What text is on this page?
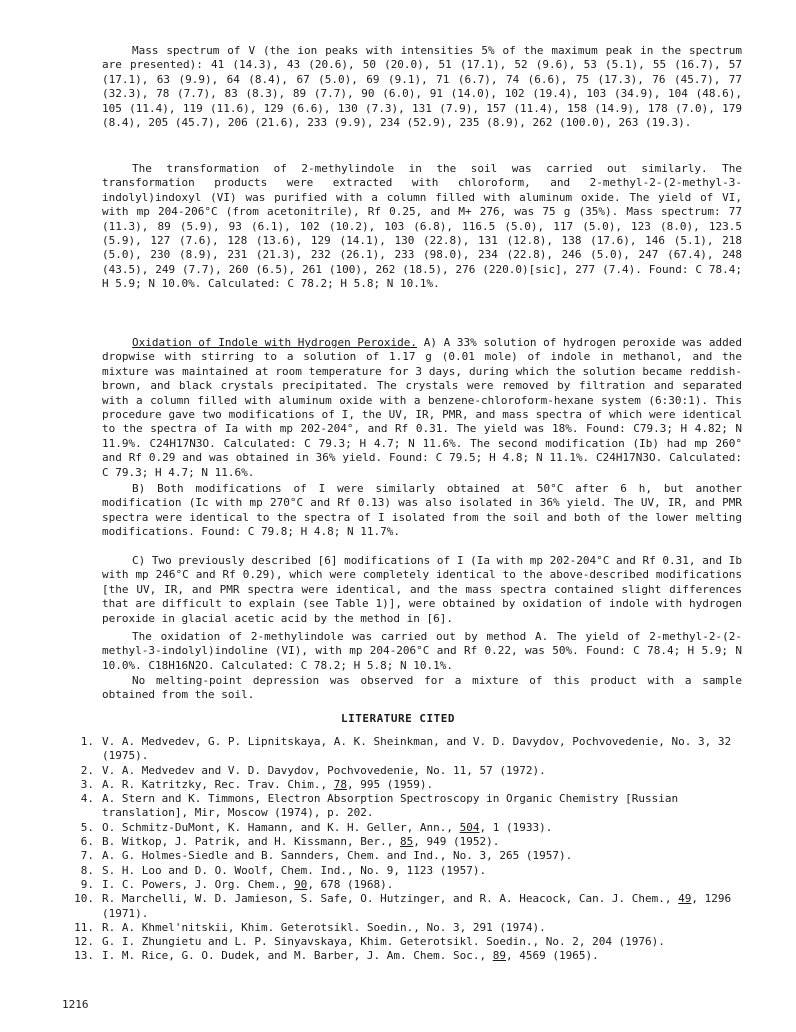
Mass spectrum of V (the ion peaks with intensities 5% of the maximum peak in the spectrum are presented): 41 (14.3), 43 (20.6), 50 (20.0), 51 (17.1), 52 (9.6), 53 (5.1), 55 (16.7), 57 (17.1), 63 (9.9), 64 (8.4), 67 (5.0), 69 (9.1), 71 (6.7), 74 (6.6), 75 (17.3), 76 (45.7), 77 (32.3), 78 (7.7), 83 (8.3), 89 (7.7), 90 (6.0), 91 (14.0), 102 (19.4), 103 (34.9), 104 (48.6), 105 (11.4), 119 (11.6), 129 (6.6), 130 (7.3), 131 (7.9), 157 (11.4), 158 (14.9), 178 (7.0), 179 (8.4), 205 (45.7), 206 (21.6), 233 (9.9), 234 (52.9), 235 (8.9), 262 (100.0), 263 (19.3).

The transformation of 2-methylindole in the soil was carried out similarly. The transformation products were extracted with chloroform, and 2-methyl-2-(2-methyl-3-indolyl)indoxyl (VI) was purified with a column filled with aluminum oxide. The yield of VI, with mp 204-206°C (from acetonitrile), Rf 0.25, and M+ 276, was 75 g (35%). Mass spectrum: 77 (11.3), 89 (5.9), 93 (6.1), 102 (10.2), 103 (6.8), 116.5 (5.0), 117 (5.0), 123 (8.0), 123.5 (5.9), 127 (7.6), 128 (13.6), 129 (14.1), 130 (22.8), 131 (12.8), 138 (17.6), 146 (5.1), 218 (5.0), 230 (8.9), 231 (21.3), 232 (26.1), 233 (98.0), 234 (22.8), 246 (5.0), 247 (67.4), 248 (43.5), 249 (7.7), 260 (6.5), 261 (100), 262 (18.5), 276 (220.0)[sic], 277 (7.4). Found: C 78.4; H 5.9; N 10.0%. Calculated: C 78.2; H 5.8; N 10.1%.

Oxidation of Indole with Hydrogen Peroxide. A) A 33% solution of hydrogen peroxide was added dropwise with stirring to a solution of 1.17 g (0.01 mole) of indole in methanol, and the mixture was maintained at room temperature for 3 days, during which the solution became reddish-brown, and black crystals precipitated. The crystals were removed by filtration and separated with a column filled with aluminum oxide with a benzene-chloroform-hexane system (6:30:1). This procedure gave two modifications of I, the UV, IR, PMR, and mass spectra of which were identical to the spectra of Ia with mp 202-204°, and Rf 0.31. The yield was 18%. Found: C79.3; H 4.82; N 11.9%. C24H17N3O. Calculated: C 79.3; H 4.7; N 11.6%. The second modification (Ib) had mp 260° and Rf 0.29 and was obtained in 36% yield. Found: C 79.5; H 4.8; N 11.1%. C24H17N3O. Calculated: C 79.3; H 4.7; N 11.6%.

B) Both modifications of I were similarly obtained at 50°C after 6 h, but another modification (Ic with mp 270°C and Rf 0.13) was also isolated in 36% yield. The UV, IR, and PMR spectra were identical to the spectra of I isolated from the soil and both of the lower melting modifications. Found: C 79.8; H 4.8; N 11.7%.

C) Two previously described [6] modifications of I (Ia with mp 202-204°C and Rf 0.31, and Ib with mp 246°C and Rf 0.29), which were completely identical to the above-described modifications [the UV, IR, and PMR spectra were identical, and the mass spectra contained slight differences that are difficult to explain (see Table 1)], were obtained by oxidation of indole with hydrogen peroxide in glacial acetic acid by the method in [6].

The oxidation of 2-methylindole was carried out by method A. The yield of 2-methyl-2-(2-methyl-3-indolyl)indoline (VI), with mp 204-206°C and Rf 0.22, was 50%. Found: C 78.4; H 5.9; N 10.0%. C18H16N2O. Calculated: C 78.2; H 5.8; N 10.1%.

No melting-point depression was observed for a mixture of this product with a sample obtained from the soil.

LITERATURE CITED
1. V. A. Medvedev, G. P. Lipnitskaya, A. K. Sheinkman, and V. D. Davydov, Pochvovedenie, No. 3, 32 (1975).
2. V. A. Medvedev and V. D. Davydov, Pochvovedenie, No. 11, 57 (1972).
3. A. R. Katritzky, Rec. Trav. Chim., 78, 995 (1959).
4. A. Stern and K. Timmons, Electron Absorption Spectroscopy in Organic Chemistry [Russian translation], Mir, Moscow (1974), p. 202.
5. O. Schmitz-DuMont, K. Hamann, and K. H. Geller, Ann., 504, 1 (1933).
6. B. Witkop, J. Patrik, and H. Kissmann, Ber., 85, 949 (1952).
7. A. G. Holmes-Siedle and B. Sannders, Chem. and Ind., No. 3, 265 (1957).
8. S. H. Loo and D. O. Woolf, Chem. Ind., No. 9, 1123 (1957).
9. I. C. Powers, J. Org. Chem., 90, 678 (1968).
10. R. Marchelli, W. D. Jamieson, S. Safe, O. Hutzinger, and R. A. Heacock, Can. J. Chem., 49, 1296 (1971).
11. R. A. Khmel'nitskii, Khim. Geterotsikl. Soedin., No. 3, 291 (1974).
12. G. I. Zhungietu and L. P. Sinyavskaya, Khim. Geterotsikl. Soedin., No. 2, 204 (1976).
13. I. M. Rice, G. O. Dudek, and M. Barber, J. Am. Chem. Soc., 89, 4569 (1965).

1216
